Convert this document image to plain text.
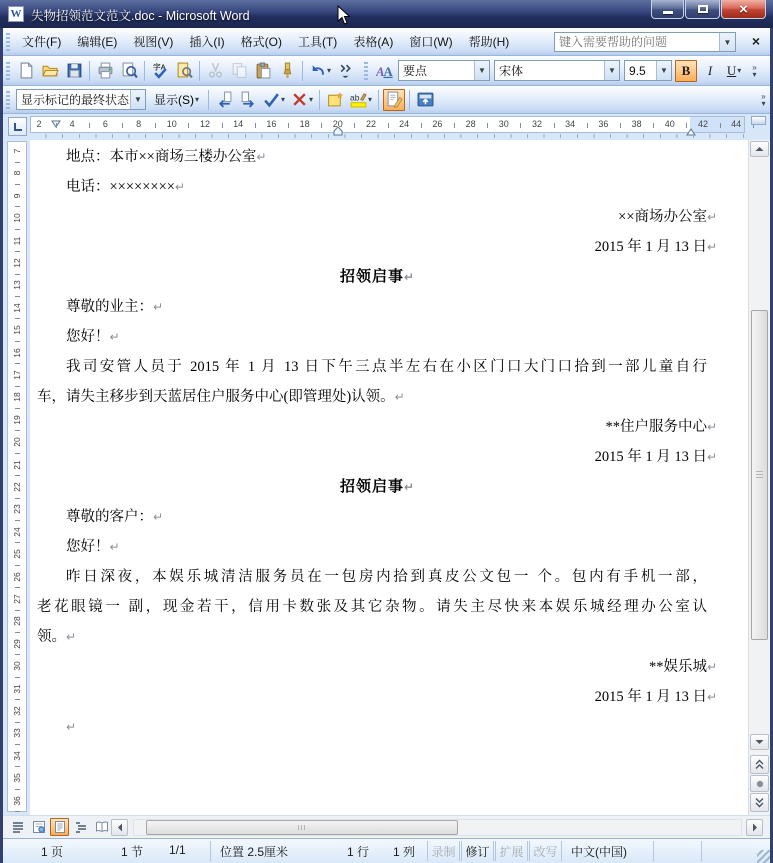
W 失物招领范文范文.doc - Microsoft Word	×
文件(F)	编辑(E)	视图(V)	插入(I)	格式(O)	工具(T)	表格(A)	窗口(W)	帮助(H)
键入需要帮助的问题	▼ ×
字A	▾	A
A 要点	▼	宋体	▼	9.5	▼ B I U ▾ »
▾
显示标记的最终状态 ▼ 显示(S) ▾	▾	▾	ab ▾	»
▾
2	4	6	8	10	12	14	16	18	20	22	24	26	28	30	32	34	36	38	40	42	44
7
8
9
10
11
12
13
14
15
16
17
18
19
20
21
22
23
24
25
26
27
28
29
30
31
32
33
34
35
36
地点：本市××商场三楼办公室↵
电话：××××××××↵
××商场办公室↵
2015 年 1 月 13 日↵
招领启事↵
尊敬的业主：↵
您好！↵
我司安管人员于 2015 年 1 月 13 日下午三点半左右在小区门口大门口拾到一部儿童自行
车，请失主移步到天蓝居住户服务中心(即管理处)认领。↵
**住户服务中心↵
2015 年 1 月 13 日↵
招领启事↵
尊敬的客户：↵
您好！↵
昨日深夜，本娱乐城清洁服务员在一包房内拾到真皮公文包一 个。包内有手机一部，
老花眼镜一 副，现金若干，信用卡数张及其它杂物。请失主尽快来本娱乐城经理办公室认
领。↵
**娱乐城↵
2015 年 1 月 13 日↵
↵
1 页	1 节 1/1	位置 2.5厘米	1 行 1 列	录制 修订 扩展 改写	中文(中国)
